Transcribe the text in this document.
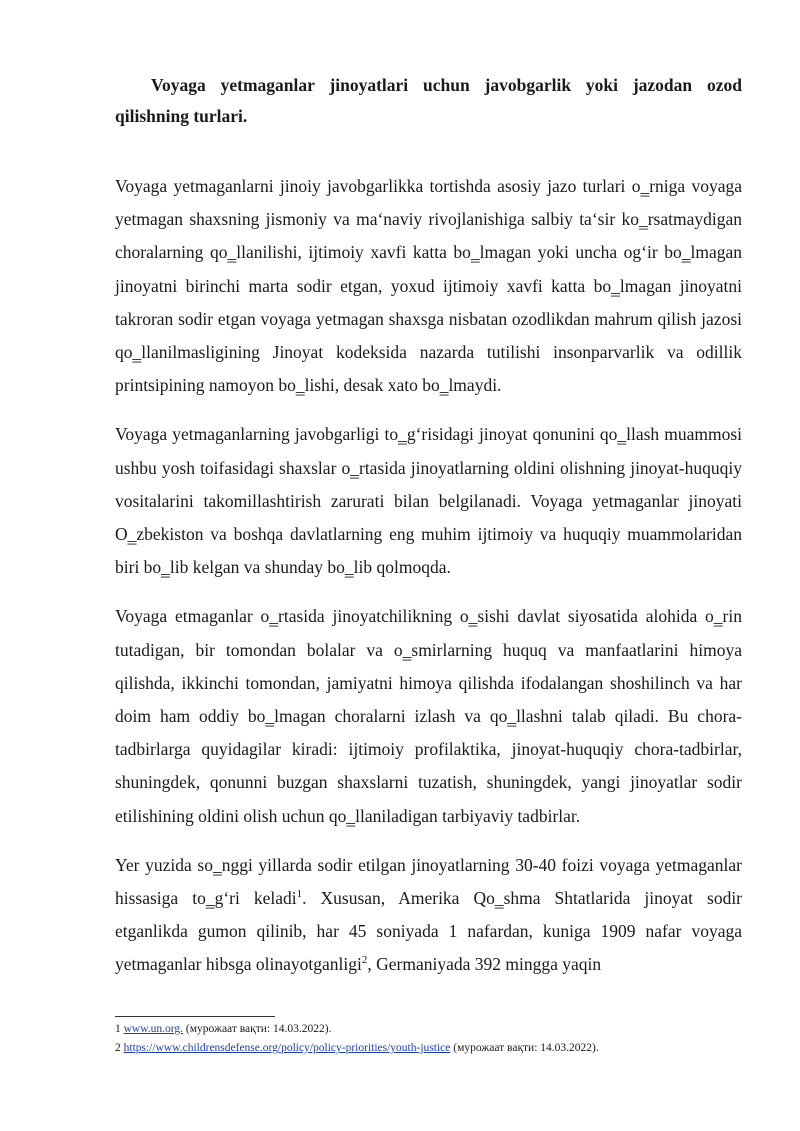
Voyaga yetmaganlar jinoyatlari uchun javobgarlik yoki jazodan ozod qilishning turlari.

Voyaga yetmaganlarni jinoiy javobgarlikka tortishda asosiy jazo turlari o‗rniga voyaga yetmagan shaxsning jismoniy va ma‘naviy rivojlanishiga salbiy ta‘sir ko‗rsatmaydigan choralarning qo‗llanilishi, ijtimoiy xavfi katta bo‗lmagan yoki uncha og‘ir bo‗lmagan jinoyatni birinchi marta sodir etgan, yoxud ijtimoiy xavfi katta bo‗lmagan jinoyatni takroran sodir etgan voyaga yetmagan shaxsga nisbatan ozodlikdan mahrum qilish jazosi qo‗llanilmasligining Jinoyat kodeksida nazarda tutilishi insonparvarlik va odillik printsipining namoyon bo‗lishi, desak xato bo‗lmaydi.

Voyaga yetmaganlarning javobgarligi to‗g‘risidagi jinoyat qonunini qo‗llash muammosi ushbu yosh toifasidagi shaxslar o‗rtasida jinoyatlarning oldini olishning jinoyat-huquqiy vositalarini takomillashtirish zarurati bilan belgilanadi. Voyaga yetmaganlar jinoyati O‗zbekiston va boshqa davlatlarning eng muhim ijtimoiy va huquqiy muammolaridan biri bo‗lib kelgan va shunday bo‗lib qolmoqda.

Voyaga etmaganlar o‗rtasida jinoyatchilikning o‗sishi davlat siyosatida alohida o‗rin tutadigan, bir tomondan bolalar va o‗smirlarning huquq va manfaatlarini himoya qilishda, ikkinchi tomondan, jamiyatni himoya qilishda ifodalangan shoshilinch va har doim ham oddiy bo‗lmagan choralarni izlash va qo‗llashni talab qiladi. Bu chora-tadbirlarga quyidagilar kiradi: ijtimoiy profilaktika, jinoyat-huquqiy chora-tadbirlar, shuningdek, qonunni buzgan shaxslarni tuzatish, shuningdek, yangi jinoyatlar sodir etilishining oldini olish uchun qo‗llaniladigan tarbiyaviy tadbirlar.

Yer yuzida so‗nggi yillarda sodir etilgan jinoyatlarning 30-40 foizi voyaga yetmaganlar hissasiga to‗g‘ri keladi$^1$. Xususan, Amerika Qo‗shma Shtatlarida jinoyat sodir etganlikda gumon qilinib, har 45 soniyada 1 nafardan, kuniga 1909 nafar voyaga yetmaganlar hibsga olinayotganligi$^2$, Germaniyada 392 mingga yaqin

1 www.un.org. (мурожаат вақти: 14.03.2022).

2 https://www.childrensdefense.org/policy/policy-priorities/youth-justice (мурожаат вақти: 14.03.2022).
